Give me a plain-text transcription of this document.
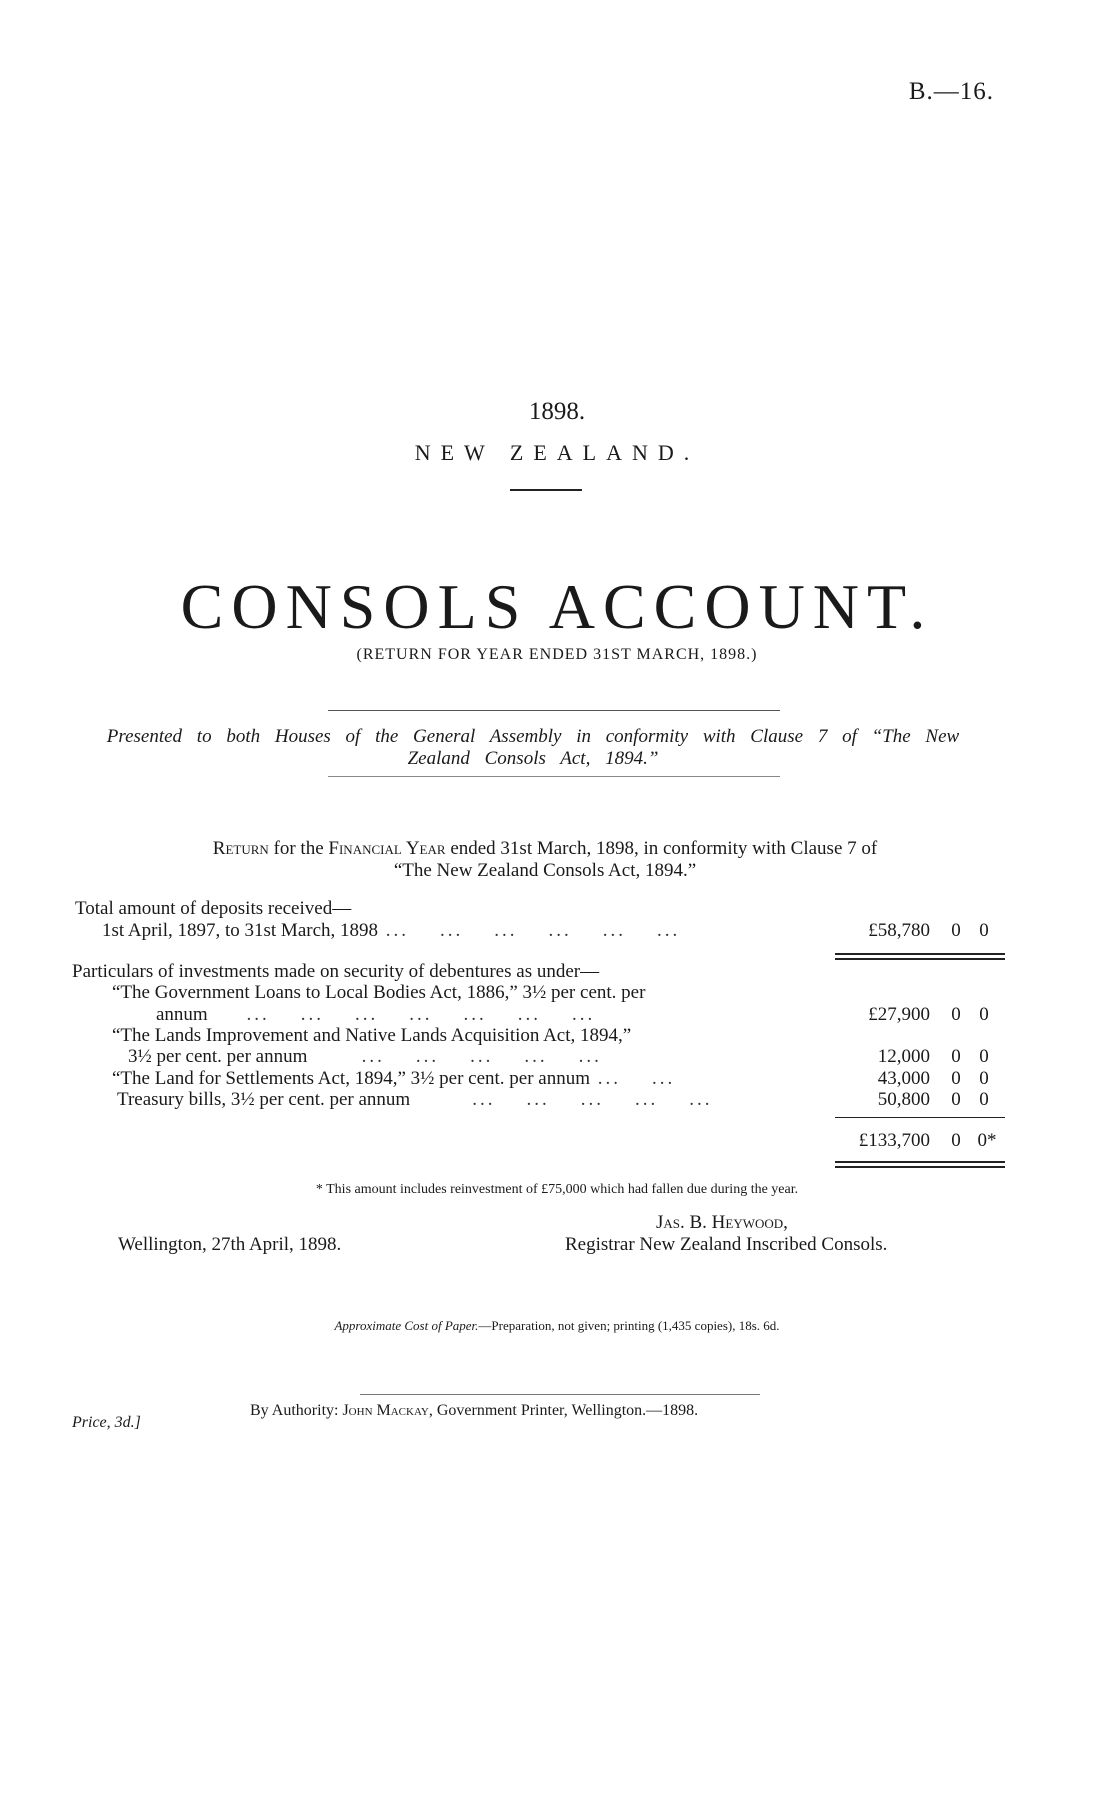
B.—16.
1898.
NEW ZEALAND.
CONSOLS ACCOUNT.
(RETURN FOR YEAR ENDED 31ST MARCH, 1898.)
Presented to both Houses of the General Assembly in conformity with Clause 7 of “The New
Zealand Consols Act, 1894.”
Return for the Financial Year ended 31st March, 1898, in conformity with Clause 7 of
“The New Zealand Consols Act, 1894.”
Total amount of deposits received—
1st April, 1897, to 31st March, 1898 ...    ...    ...    ...    ...    ...	£58,780	0 0
Particulars of investments made on security of debentures as under—
“The Government Loans to Local Bodies Act, 1886,” 3½ per cent. per
annum     ...    ...    ...    ...    ...    ...    ...	£27,900	0 0
“The Lands Improvement and Native Lands Acquisition Act, 1894,”
3½ per cent. per annum       ...    ...    ...    ...    ...	12,000	0 0
“The Land for Settlements Act, 1894,” 3½ per cent. per annum ...    ...	43,000	0 0
Treasury bills, 3½ per cent. per annum        ...    ...    ...    ...    ...	50,800	0 0
£133,700	0 0*
* This amount includes reinvestment of £75,000 which had fallen due during the year.
Jas. B. Heywood,
Registrar New Zealand Inscribed Consols.
Wellington, 27th April, 1898.
Approximate Cost of Paper.—Preparation, not given; printing (1,435 copies), 18s. 6d.
By Authority: John Mackay, Government Printer, Wellington.—1898.
Price, 3d.]
